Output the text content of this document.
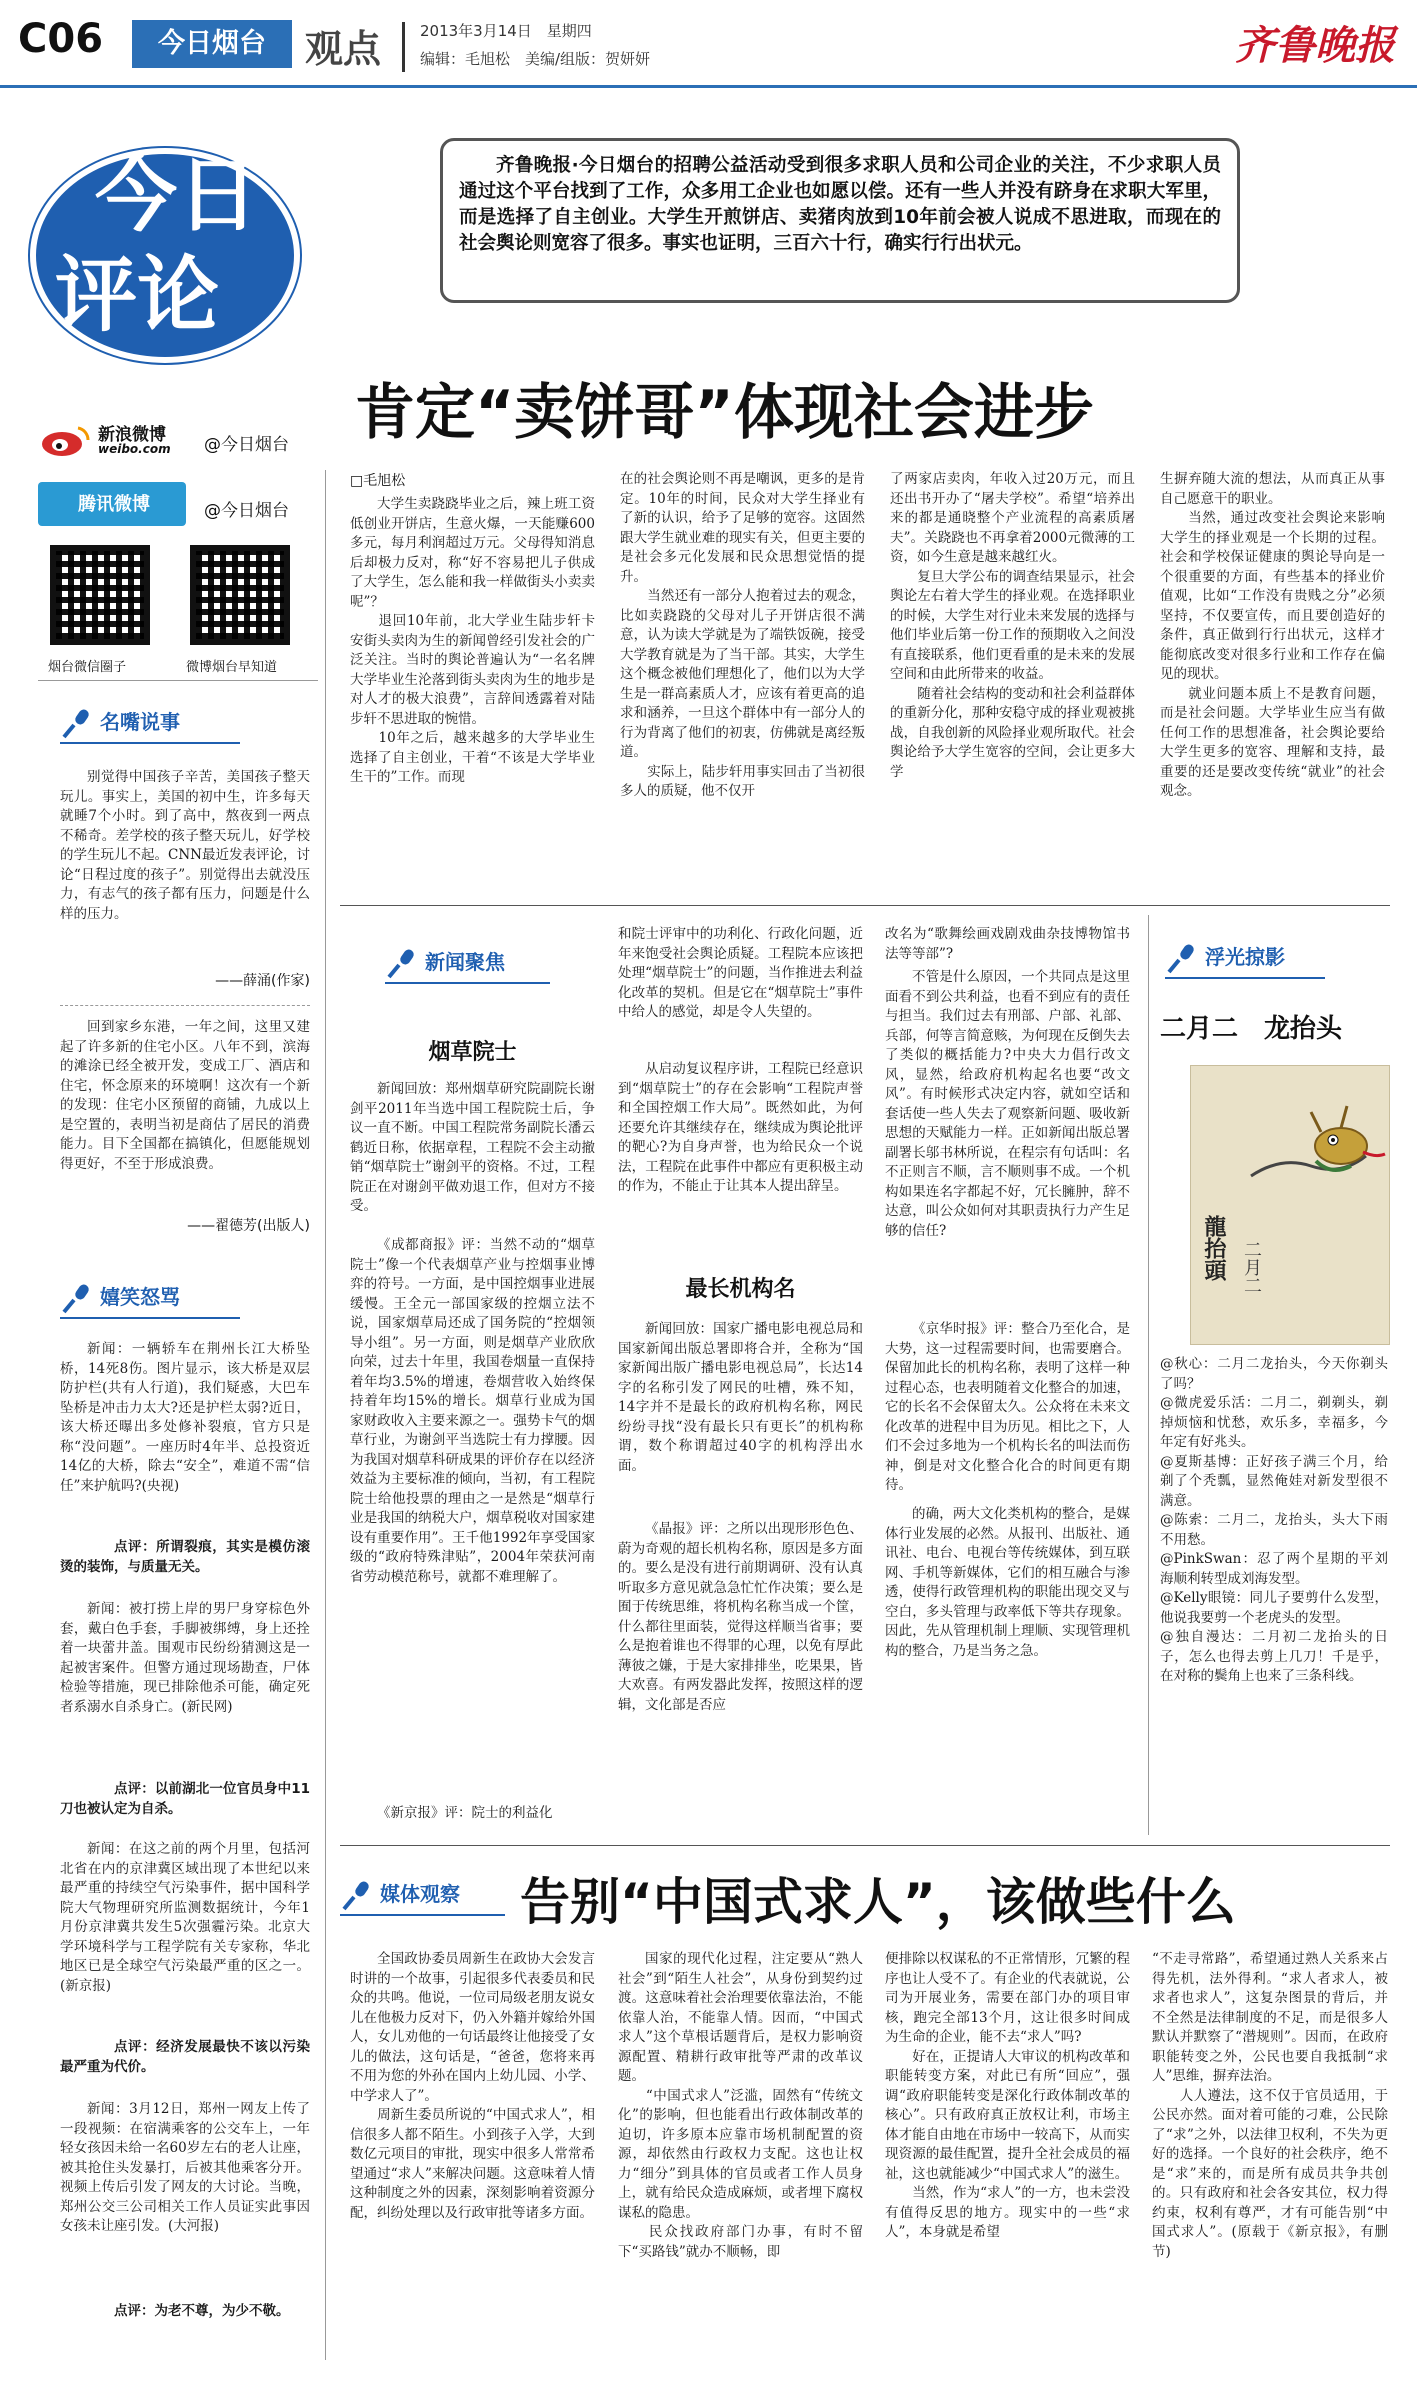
C06	今日烟台	观点	2013年3月14日　星期四
编辑：毛旭松　美编/组版：贺妍妍	齐鲁晚报
今日
评论
齐鲁晚报·今日烟台的招聘公益活动受到很多求职人员和公司企业的关注，不少求职人员通过这个平台找到了工作，众多用工企业也如愿以偿。还有一些人并没有跻身在求职大军里，而是选择了自主创业。大学生开煎饼店、卖猪肉放到10年前会被人说成不思进取，而现在的社会舆论则宽容了很多。事实也证明，三百六十行，确实行行出状元。
肯定“卖饼哥”体现社会进步
新浪微博
weibo.com @今日烟台
腾讯微博	@今日烟台
烟台微信圈子	微博烟台早知道
名嘴说事
别觉得中国孩子辛苦，美国孩子整天玩儿。事实上，美国的初中生，许多每天就睡7个小时。到了高中，熬夜到一两点不稀奇。差学校的孩子整天玩儿，好学校的学生玩儿不起。CNN最近发表评论，讨论“日程过度的孩子”。别觉得出去就没压力，有志气的孩子都有压力，问题是什么样的压力。
——薛涌(作家)
回到家乡东港，一年之间，这里又建起了许多新的住宅小区。八年不到，滨海的滩涂已经全被开发，变成工厂、酒店和住宅，怀念原来的环境啊！这次有一个新的发现：住宅小区预留的商铺，九成以上是空置的，表明当初是商估了居民的消费能力。目下全国都在搞镇化，但愿能规划得更好，不至于形成浪费。
——翟德芳(出版人)
嬉笑怒骂
新闻：一辆轿车在荆州长江大桥坠桥，14死8伤。图片显示，该大桥是双层防护栏(共有人行道)，我们疑惑，大巴车坠桥是冲击力太大?还是护栏太弱?近日，该大桥还曝出多处修补裂痕，官方只是称“没问题”。一座历时4年半、总投资近14亿的大桥，除去“安全”，难道不需“信任”来护航吗?(央视)
点评：所谓裂痕，其实是模仿滚烫的装饰，与质量无关。
新闻：被打捞上岸的男尸身穿棕色外套，戴白色手套，手脚被绑缚，身上还拴着一块蕾井盖。围观市民纷纷猜测这是一起被害案件。但警方通过现场勘查，尸体检验等措施，现已排除他杀可能，确定死者系溺水自杀身亡。(新民网)
点评：以前湖北一位官员身中11刀也被认定为自杀。
新闻：在这之前的两个月里，包括河北省在内的京津冀区域出现了本世纪以来最严重的持续空气污染事件，据中国科学院大气物理研究所监测数据统计，今年1月份京津冀共发生5次强霾污染。北京大学环境科学与工程学院有关专家称，华北地区已是全球空气污染最严重的区之一。(新京报)
点评：经济发展最快不该以污染最严重为代价。
新闻：3月12日，郑州一网友上传了一段视频：在宿满乘客的公交车上，一年轻女孩因未给一名60岁左右的老人让座，被其抢住头发暴打，后被其他乘客分开。视频上传后引发了网友的大讨论。当晚，郑州公交三公司相关工作人员证实此事因女孩未让座引发。(大河报)
点评：为老不尊，为少不敬。
□毛旭松
大学生卖跷跷毕业之后，辣上班工资低创业开饼店，生意火爆，一天能赚600多元，每月利润超过万元。父母得知消息后却极力反对，称“好不容易把儿子供成了大学生，怎么能和我一样做街头小卖卖呢”？
　　退回10年前，北大学业生陆步轩卡安街头卖肉为生的新闻曾经引发社会的广泛关注。当时的舆论普遍认为“一名名牌大学毕业生沦落到街头卖肉为生的地步是对人才的极大浪费”，言辞间透露着对陆步轩不思进取的惋惜。
　　10年之后，越来越多的大学毕业生选择了自主创业，干着“不该是大学毕业生干的”工作。而现
在的社会舆论则不再是嘲讽，更多的是肯定。10年的时间，民众对大学生择业有了新的认识，给予了足够的宽容。这固然跟大学生就业难的现实有关，但更主要的是社会多元化发展和民众思想觉悟的提升。
　　当然还有一部分人抱着过去的观念，比如卖跷跷的父母对儿子开饼店很不满意，认为读大学就是为了端铁饭碗，接受大学教育就是为了当干部。其实，大学生这个概念被他们理想化了，他们以为大学生是一群高素质人才，应该有着更高的追求和涵养，一旦这个群体中有一部分人的行为背离了他们的初衷，仿佛就是离经叛道。
　　实际上，陆步轩用事实回击了当初很多人的质疑，他不仅开
了两家店卖肉，年收入过20万元，而且还出书开办了“屠夫学校”。希望“培养出来的都是通晓整个产业流程的高素质屠夫”。关跷跷也不再拿着2000元微薄的工资，如今生意是越来越红火。
　　复旦大学公布的调查结果显示，社会舆论左右着大学生的择业观。在选择职业的时候，大学生对行业未来发展的选择与他们毕业后第一份工作的预期收入之间没有直接联系，他们更看重的是未来的发展空间和由此所带来的收益。
　　随着社会结构的变动和社会利益群体的重新分化，那种安稳守成的择业观被挑战，自我创新的风险择业观所取代。社会舆论给予大学生宽容的空间，会让更多大学
生摒弃随大流的想法，从而真正从事自己愿意干的职业。
　　当然，通过改变社会舆论来影响大学生的择业观是一个长期的过程。社会和学校保证健康的舆论导向是一个很重要的方面，有些基本的择业价值观，比如“工作没有贵贱之分”必须坚持，不仅要宣传，而且要创造好的条件，真正做到行行出状元，这样才能彻底改变对很多行业和工作存在偏见的现状。
　　就业问题本质上不是教育问题，而是社会问题。大学毕业生应当有做任何工作的思想准备，社会舆论要给大学生更多的宽容、理解和支持，最重要的还是要改变传统“就业”的社会观念。
新闻聚焦
烟草院士
新闻回放：郑州烟草研究院副院长谢剑平2011年当选中国工程院院士后，争议一直不断。中国工程院常务副院长潘云鹤近日称，依据章程，工程院不会主动撤销“烟草院士”谢剑平的资格。不过，工程院正在对谢剑平做劝退工作，但对方不接受。
《成都商报》评：当然不动的“烟草院士”像一个代表烟草产业与控烟事业博弈的符号。一方面，是中国控烟事业进展缓慢。王全元一部国家级的控烟立法不说，国家烟草局还成了国务院的“控烟领导小组”。另一方面，则是烟草产业欣欣向荣，过去十年里，我国卷烟量一直保持着年均3.5%的增速，卷烟营收入始终保持着年均15%的增长。烟草行业成为国家财政收入主要来源之一。强势卡气的烟草行业，为谢剑平当选院士有力撑腰。因为我国对烟草科研成果的评价存在以经济效益为主要标准的倾向，当初，有工程院院士给他投票的理由之一是然是“烟草行业是我国的纳税大户，烟草税收对国家建设有重要作用”。王千他1992年享受国家级的“政府特殊津贴”，2004年荣获河南省劳动模范称号，就都不难理解了。
《新京报》评：院士的利益化
和院士评审中的功利化、行政化问题，近年来饱受社会舆论质疑。工程院本应该把处理“烟草院士”的问题，当作推进去利益化改革的契机。但是它在“烟草院士”事件中给人的感觉，却是令人失望的。
从启动复议程序讲，工程院已经意识到“烟草院士”的存在会影响“工程院声誉和全国控烟工作大局”。既然如此，为何还要允许其继续存在，继续成为舆论批评的靶心?为自身声誉，也为给民众一个说法，工程院在此事件中都应有更积极主动的作为，不能止于让其本人提出辞呈。
最长机构名
新闻回放：国家广播电影电视总局和国家新闻出版总署即将合并，全称为“国家新闻出版广播电影电视总局”，长达14字的名称引发了网民的吐槽，殊不知，14字并不是最长的政府机构名称，网民纷纷寻找“没有最长只有更长”的机构称谓，数个称谓超过40字的机构浮出水面。
《晶报》评：之所以出现形形色色、蔚为奇观的超长机构名称，原因是多方面的。要么是没有进行前期调研、没有认真听取多方意见就急急忙忙作决策；要么是囿于传统思维，将机构名称当成一个筐，什么都往里面装，觉得这样顺当省事；要么是抱着谁也不得罪的心理，以免有厚此薄彼之嫌，于是大家排排坐，吃果果，皆大欢喜。有两发器此发挥，按照这样的逻辑，文化部是否应
改名为“歌舞绘画戏剧戏曲杂技博物馆书法等等部”?
不管是什么原因，一个共同点是这里面看不到公共利益，也看不到应有的责任与担当。我们过去有刑部、户部、礼部、兵部，何等言简意赅，为何现在反倒失去了类似的概括能力?中央大力倡行改文风，显然，给政府机构起名也要“改文风”。有时候形式决定内容，就如空话和套话使一些人失去了观察新问题、吸收新思想的天赋能力一样。正如新闻出版总署副署长邬书林所说，在程宗有句话叫：名不正则言不顺，言不顺则事不成。一个机构如果连名字都起不好，冗长臃肿，辞不达意，叫公众如何对其职责执行力产生足够的信任?
《京华时报》评：整合乃至化合，是大势，这一过程需要时间，也需要磨合。保留加此长的机构名称，表明了这样一种过程心态，也表明随着文化整合的加速，它的长名不会保留太久。公众将在未来文化改革的进程中目为历见。相比之下，人们不会过多地为一个机构长名的叫法而伤神，倒是对文化整合化合的时间更有期待。
的确，两大文化类机构的整合，是媒体行业发展的必然。从报刊、出版社、通讯社、电台、电视台等传统媒体，到互联网、手机等新媒体，它们的相互融合与渗透，使得行政管理机构的职能出现交叉与空白，多头管理与政率低下等共存现象。因此，先从管理机制上理顺、实现管理机构的整合，乃是当务之急。
浮光掠影
二月二　龙抬头
龍抬頭 二月二

@秋心：二月二龙抬头，今天你剃头了吗？

@微虎爱乐活：二月二，剃剃头，剃掉烦恼和忧愁，欢乐多，幸福多，今年定有好兆头。

@夏斯基博：正好孩子满三个月，给剃了个秃瓢，显然俺娃对新发型很不满意。

@陈索：二月二，龙抬头，头大下雨不用愁。

@PinkSwan：忍了两个星期的平刘海顺利转型成刘海发型。

@Kelly眼镜：同儿子要剪什么发型，他说我要剪一个老虎头的发型。

@独自漫达：二月初二龙抬头的日子，怎么也得去剪上几刀！千是乎，在对称的鬓角上也来了三条科线。

媒体观察	告别“中国式求人”，该做些什么
全国政协委员周新生在政协大会发言时讲的一个故事，引起很多代表委员和民众的共鸣。他说，一位司局级老朋友说女儿在他极力反对下，仍入外籍并嫁给外国人，女儿劝他的一句话最终让他接受了女儿的做法，这句话是，“爸爸，您将来再不用为您的外孙在国内上幼儿园、小学、中学求人了”。
　　周新生委员所说的“中国式求人”，相信很多人都不陌生。小到孩子入学，大到数亿元项目的审批，现实中很多人常常希望通过“求人”来解决问题。这意味着人情这种制度之外的因素，深刻影响着资源分配，纠纷处理以及行政审批等诸多方面。
国家的现代化过程，注定要从“熟人社会”到“陌生人社会”，从身份到契约过渡。这意味着社会治理要依靠法治，不能依靠人治，不能靠人情。因而，“中国式求人”这个草根话题背后，是权力影响资源配置、精耕行政审批等严肃的改革议题。
　　“中国式求人”泛滥，固然有“传统文化”的影响，但也能看出行政体制改革的迫切，许多原本应靠市场机制配置的资源，却依然由行政权力支配。这也让权力“细分”到具体的官员或者工作人员身上，就有给民众造成麻烦，或者埋下腐权谋私的隐患。
　　民众找政府部门办事，有时不留下“买路钱”就办不顺畅，即
便排除以权谋私的不正常情形，冗繁的程序也让人受不了。有企业的代表就说，公司为开展业务，需要在部门办的项目审核，跑完全部13个月，这让很多时间成为生命的企业，能不去“求人”吗?
　　好在，正提请人大审议的机构改革和职能转变方案，对此已有所“回应”，强调“政府职能转变是深化行政体制改革的核心”。只有政府真正放权让利，市场主体才能自由地在市场中一较高下，从而实现资源的最佳配置，提升全社会成员的福祉，这也就能减少“中国式求人”的滋生。
　　当然，作为“求人”的一方，也未尝没有值得反思的地方。现实中的一些“求人”，本身就是希望
“不走寻常路”，希望通过熟人关系来占得先机，法外得利。“求人者求人，被求者也求人”，这复杂图景的背后，并不全然是法律制度的不足，而是很多人默认并默察了“潜规则”。因而，在政府职能转变之外，公民也要自我抵制“求人”思维，摒弃法治。
　　人人遵法，这不仅于官员适用，于公民亦然。面对着可能的刁难，公民除了“求”之外，以法律卫权利，不失为更好的选择。一个良好的社会秩序，绝不是“求”来的，而是所有成员共争共创的。只有政府和社会各安其位，权力得约束，权利有尊严，才有可能告别“中国式求人”。(原载于《新京报》，有删节)
